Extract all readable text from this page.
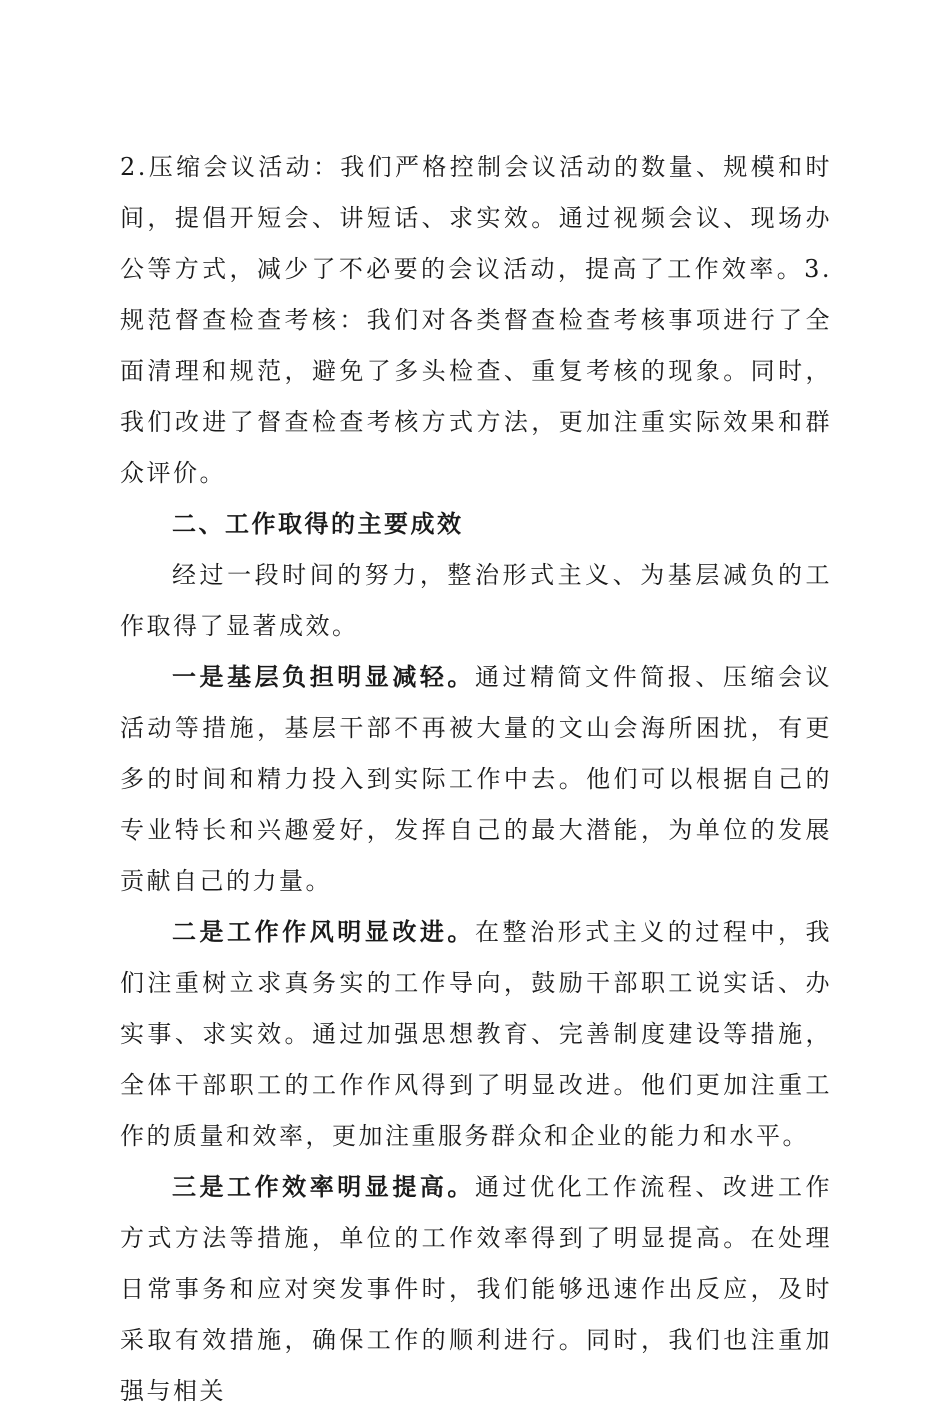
2.压缩会议活动：我们严格控制会议活动的数量、规模和时间，提倡开短会、讲短话、求实效。通过视频会议、现场办公等方式，减少了不必要的会议活动，提高了工作效率。3.规范督查检查考核：我们对各类督查检查考核事项进行了全面清理和规范，避免了多头检查、重复考核的现象。同时，我们改进了督查检查考核方式方法，更加注重实际效果和群众评价。

二、工作取得的主要成效

经过一段时间的努力，整治形式主义、为基层减负的工作取得了显著成效。

一是基层负担明显减轻。通过精简文件简报、压缩会议活动等措施，基层干部不再被大量的文山会海所困扰，有更多的时间和精力投入到实际工作中去。他们可以根据自己的专业特长和兴趣爱好，发挥自己的最大潜能，为单位的发展贡献自己的力量。

二是工作作风明显改进。在整治形式主义的过程中，我们注重树立求真务实的工作导向，鼓励干部职工说实话、办实事、求实效。通过加强思想教育、完善制度建设等措施，全体干部职工的工作作风得到了明显改进。他们更加注重工作的质量和效率，更加注重服务群众和企业的能力和水平。

三是工作效率明显提高。通过优化工作流程、改进工作方式方法等措施，单位的工作效率得到了明显提高。在处理日常事务和应对突发事件时，我们能够迅速作出反应，及时采取有效措施，确保工作的顺利进行。同时，我们也注重加强与相关
